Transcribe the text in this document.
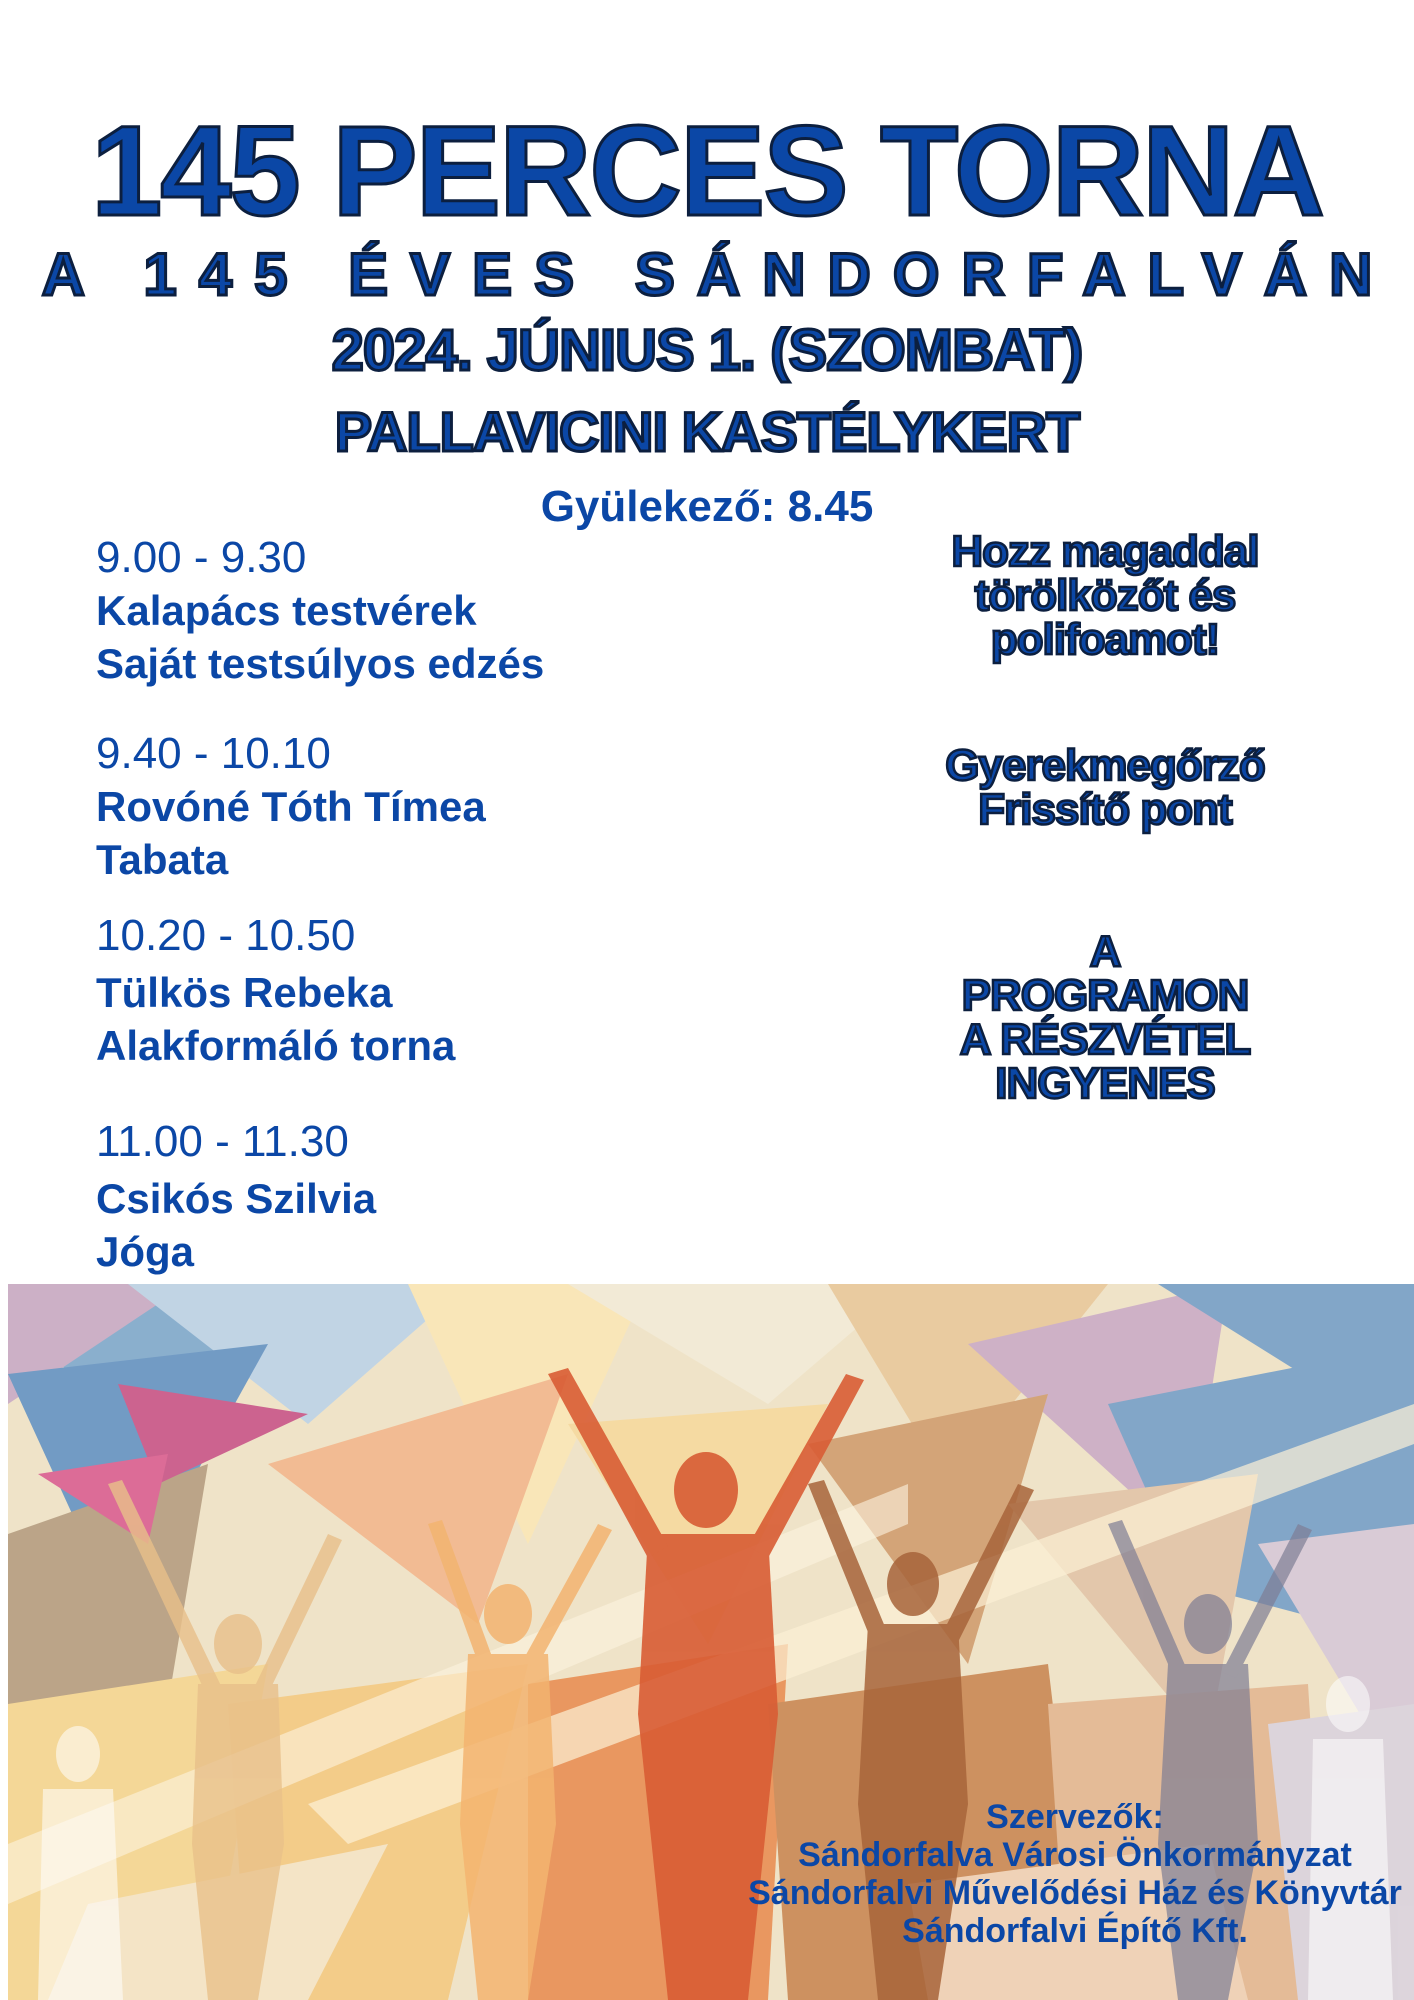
145 PERCES TORNA
A 145 ÉVES SÁNDORFALVÁN
2024. JÚNIUS 1. (SZOMBAT)
PALLAVICINI KASTÉLYKERT
Gyülekező: 8.45
9.00 - 9.30
Kalapács testvérek
Saját testsúlyos edzés
9.40 - 10.10
Rovóné Tóth Tímea
Tabata
10.20 - 10.50
Tülkös Rebeka
Alakformáló torna
11.00 - 11.30
Csikós Szilvia
Jóga
Hozz magaddal
törölközőt és
polifoamot!
Gyerekmegőrző
Frissítő pont
A
PROGRAMON
A RÉSZVÉTEL
INGYENES
Szervezők:
Sándorfalva Városi Önkormányzat
Sándorfalvi Művelődési Ház és Könyvtár
Sándorfalvi Építő Kft.
